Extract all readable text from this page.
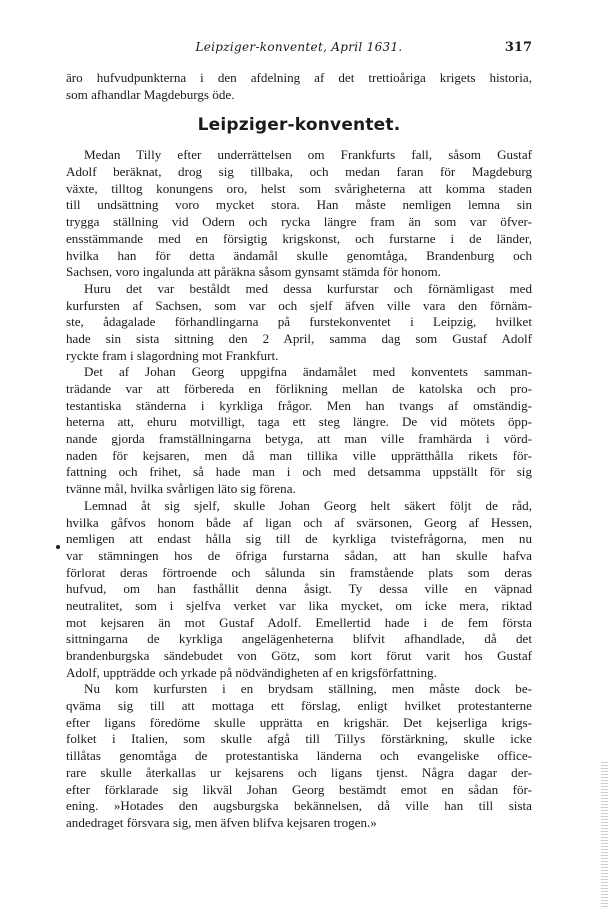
Leipziger-konventet, April 1631.	317
äro hufvudpunkterna i den afdelning af det trettioåriga krigets historia,
som afhandlar Magdeburgs öde.
Leipziger-konventet.
Medan Tilly efter underrättelsen om Frankfurts fall, såsom Gustaf
Adolf beräknat, drog sig tillbaka, och medan faran för Magdeburg
växte, tilltog konungens oro, helst som svårigheterna att komma staden
till undsättning voro mycket stora. Han måste nemligen lemna sin
trygga ställning vid Odern och rycka längre fram än som var öfver-
ensstämmande med en försigtig krigskonst, och furstarne i de länder,
hvilka han för detta ändamål skulle genomtåga, Brandenburg och
Sachsen, voro ingalunda att påräkna såsom gynsamt stämda för honom.
Huru det var beståldt med dessa kurfurstar och förnämligast med
kurfursten af Sachsen, som var och sjelf äfven ville vara den förnäm-
ste, ådagalade förhandlingarna på furstekonventet i Leipzig, hvilket
hade sin sista sittning den 2 April, samma dag som Gustaf Adolf
ryckte fram i slagordning mot Frankfurt.
Det af Johan Georg uppgifna ändamålet med konventets samman-
trädande var att förbereda en förlikning mellan de katolska och pro-
testantiska ständerna i kyrkliga frågor. Men han tvangs af omständig-
heterna att, ehuru motvilligt, taga ett steg längre. De vid mötets öpp-
nande gjorda framställningarna betyga, att man ville framhärda i vörd-
naden för kejsaren, men då man tillika ville upprätthålla rikets för-
fattning och frihet, så hade man i och med detsamma uppställt för sig
tvänne mål, hvilka svårligen läto sig förena.
Lemnad åt sig sjelf, skulle Johan Georg helt säkert följt de råd,
hvilka gåfvos honom både af ligan och af svärsonen, Georg af Hessen,
nemligen att endast hålla sig till de kyrkliga tvistefrågorna, men nu
var stämningen hos de öfriga furstarna sådan, att han skulle hafva
förlorat deras förtroende och sålunda sin framstående plats som deras
hufvud, om han fasthållit denna åsigt. Ty dessa ville en väpnad
neutralitet, som i sjelfva verket var lika mycket, om icke mera, riktad
mot kejsaren än mot Gustaf Adolf. Emellertid hade i de fem första
sittningarna de kyrkliga angelägenheterna blifvit afhandlade, då det
brandenburgska sändebudet von Götz, som kort förut varit hos Gustaf
Adolf, uppträdde och yrkade på nödvändigheten af en krigsförfattning.
Nu kom kurfursten i en brydsam ställning, men måste dock be-
qväma sig till att mottaga ett förslag, enligt hvilket protestanterne
efter ligans föredöme skulle upprätta en krigshär. Det kejserliga krigs-
folket i Italien, som skulle afgå till Tillys förstärkning, skulle icke
tillåtas genomtåga de protestantiska länderna och evangeliske office-
rare skulle återkallas ur kejsarens och ligans tjenst. Några dagar der-
efter förklarade sig likväl Johan Georg bestämdt emot en sådan för-
ening. »Hotades den augsburgska bekännelsen, då ville han till sista
andedraget försvara sig, men äfven blifva kejsaren trogen.»
